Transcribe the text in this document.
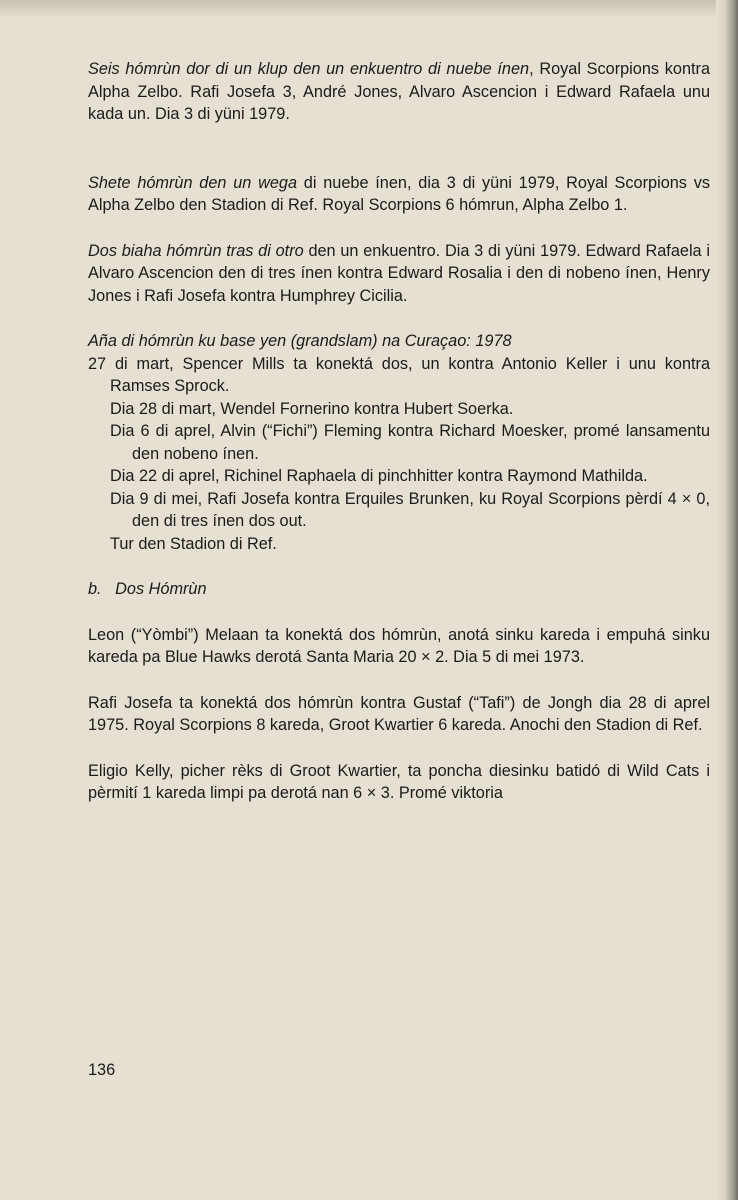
Seis hómrùn dor di un klup den un enkuentro di nuebe ínen, Royal Scorpions kontra Alpha Zelbo. Rafi Josefa 3, André Jones, Alvaro Ascencion i Edward Rafaela unu kada un. Dia 3 di yüni 1979.

Shete hómrùn den un wega di nuebe ínen, dia 3 di yüni 1979, Royal Scorpions vs Alpha Zelbo den Stadion di Ref. Royal Scorpions 6 hómrun, Alpha Zelbo 1.

Dos biaha hómrùn tras di otro den un enkuentro. Dia 3 di yüni 1979. Edward Rafaela i Alvaro Ascencion den di tres ínen kontra Edward Rosalia i den di nobeno ínen, Henry Jones i Rafi Josefa kontra Humphrey Cicilia.

Aña di hómrùn ku base yen (grandslam) na Curaçao: 1978

27 di mart, Spencer Mills ta konektá dos, un kontra Antonio Keller i unu kontra Ramses Sprock.

Dia 28 di mart, Wendel Fornerino kontra Hubert Soerka.

Dia 6 di aprel, Alvin (“Fichi”) Fleming kontra Richard Moesker, promé lansamentu den nobeno ínen.

Dia 22 di aprel, Richinel Raphaela di pinchhitter kontra Raymond Mathilda.

Dia 9 di mei, Rafi Josefa kontra Erquiles Brunken, ku Royal Scorpions pèrdí 4 × 0, den di tres ínen dos out.

Tur den Stadion di Ref.

b.   Dos Hómrùn

Leon (“Yòmbi”) Melaan ta konektá dos hómrùn, anotá sinku kareda i empuhá sinku kareda pa Blue Hawks derotá Santa Maria 20 × 2. Dia 5 di mei 1973.

Rafi Josefa ta konektá dos hómrùn kontra Gustaf (“Tafi”) de Jongh dia 28 di aprel 1975. Royal Scorpions 8 kareda, Groot Kwartier 6 kareda. Anochi den Stadion di Ref.

Eligio Kelly, picher rèks di Groot Kwartier, ta poncha diesinku batidó di Wild Cats i pèrmití 1 kareda limpi pa derotá nan 6 × 3. Promé viktoria

136
